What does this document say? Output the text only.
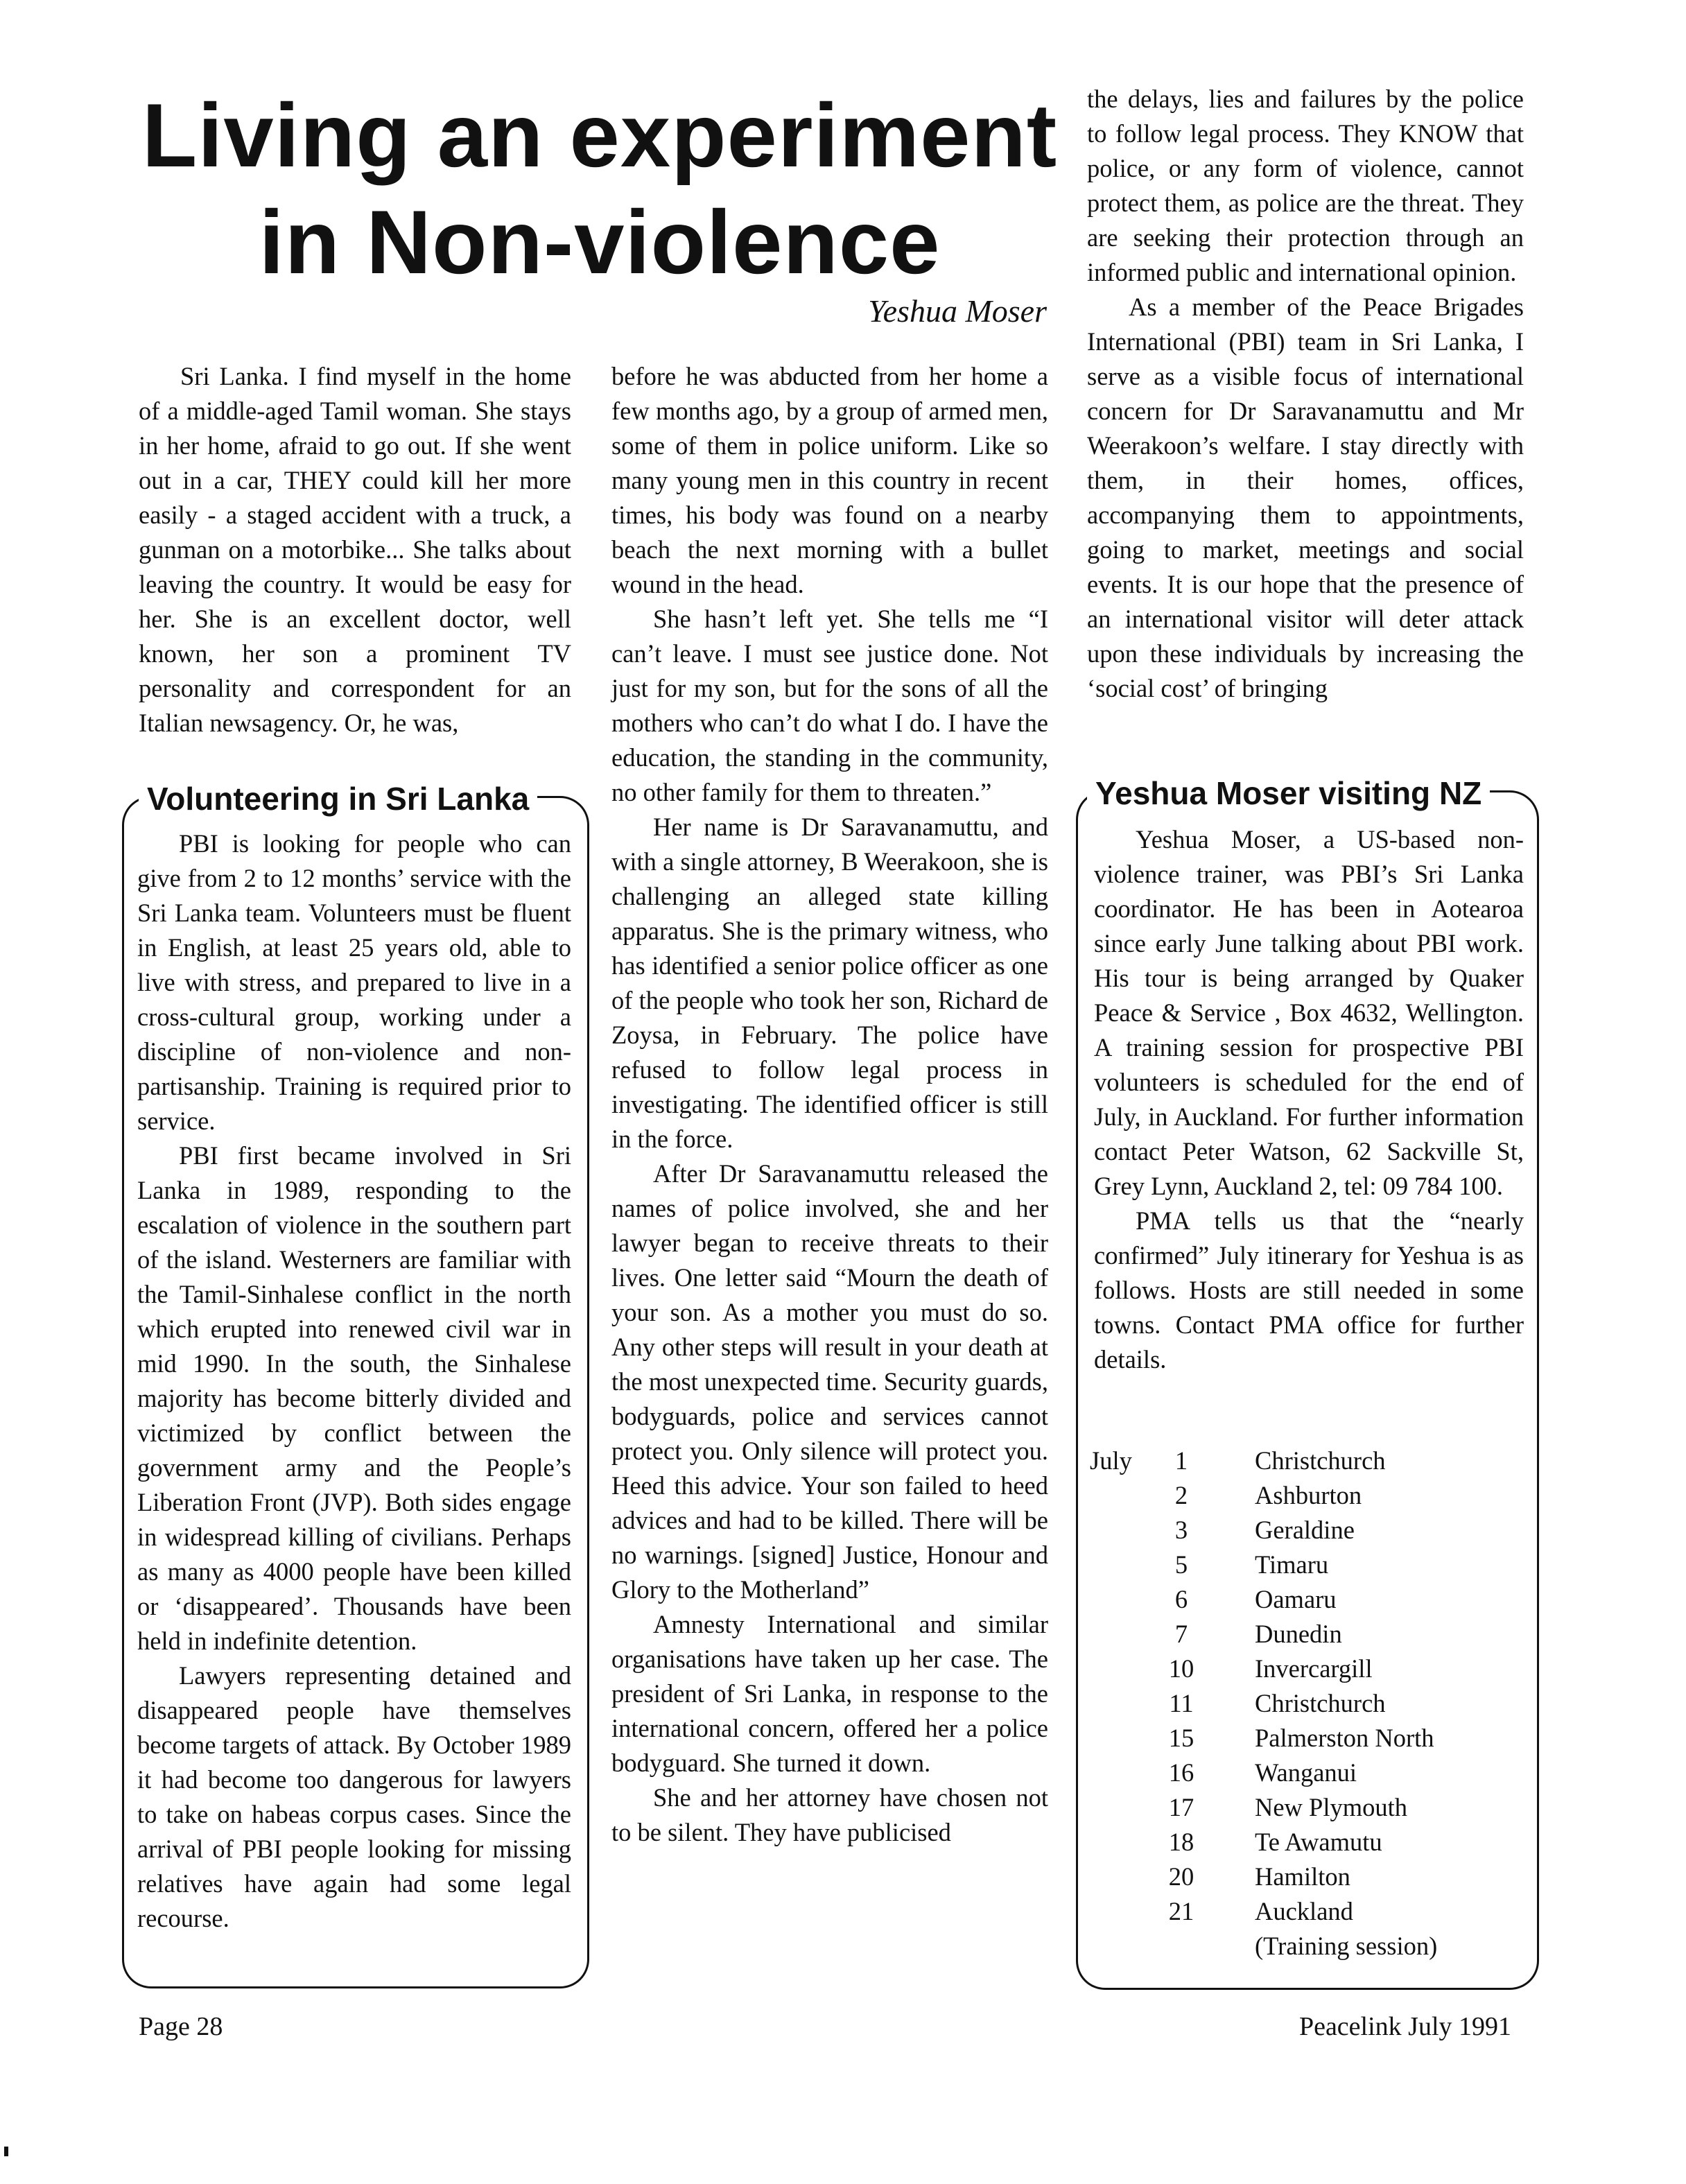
Living an experiment
in Non-violence

Yeshua Moser

Sri Lanka. I find myself in the home of a middle-aged Tamil woman. She stays in her home, afraid to go out. If she went out in a car, THEY could kill her more easily - a staged accident with a truck, a gunman on a motorbike... She talks about leaving the country. It would be easy for her. She is an excellent doctor, well known, her son a prominent TV personality and correspondent for an Italian newsagency. Or, he was,

Volunteering in Sri Lanka

PBI is looking for people who can give from 2 to 12 months’ service with the Sri Lanka team. Volunteers must be fluent in English, at least 25 years old, able to live with stress, and prepared to live in a cross-cultural group, working under a discipline of non-violence and non-partisanship. Training is required prior to service.

PBI first became involved in Sri Lanka in 1989, responding to the escalation of violence in the southern part of the island. Westerners are familiar with the Tamil-Sinhalese conflict in the north which erupted into renewed civil war in mid 1990. In the south, the Sinhalese majority has become bitterly divided and victimized by conflict between the government army and the People’s Liberation Front (JVP). Both sides engage in widespread killing of civilians. Perhaps as many as 4000 people have been killed or ‘disappeared’. Thousands have been held in indefinite detention.

Lawyers representing detained and disappeared people have themselves become targets of attack. By October 1989 it had become too dangerous for lawyers to take on habeas corpus cases. Since the arrival of PBI people looking for missing relatives have again had some legal recourse.

before he was abducted from her home a few months ago, by a group of armed men, some of them in police uniform. Like so many young men in this country in recent times, his body was found on a nearby beach the next morning with a bullet wound in the head.

She hasn’t left yet. She tells me “I can’t leave. I must see justice done. Not just for my son, but for the sons of all the mothers who can’t do what I do. I have the education, the standing in the community, no other family for them to threaten.”

Her name is Dr Saravanamuttu, and with a single attorney, B Weerakoon, she is challenging an alleged state killing apparatus. She is the primary witness, who has identified a senior police officer as one of the people who took her son, Richard de Zoysa, in February. The police have refused to follow legal process in investigating. The identified officer is still in the force.

After Dr Saravanamuttu released the names of police involved, she and her lawyer began to receive threats to their lives. One letter said “Mourn the death of your son. As a mother you must do so. Any other steps will result in your death at the most unexpected time. Security guards, bodyguards, police and services cannot protect you. Only silence will protect you. Heed this advice. Your son failed to heed advices and had to be killed. There will be no warnings. [signed] Justice, Honour and Glory to the Motherland”

Amnesty International and similar organisations have taken up her case. The president of Sri Lanka, in response to the international concern, offered her a police bodyguard. She turned it down.

She and her attorney have chosen not to be silent. They have publicised

the delays, lies and failures by the police to follow legal process. They KNOW that police, or any form of violence, cannot protect them, as police are the threat. They are seeking their protection through an informed public and international opinion.

As a member of the Peace Brigades International (PBI) team in Sri Lanka, I serve as a visible focus of international concern for Dr Saravanamuttu and Mr Weerakoon’s welfare. I stay directly with them, in their homes, offices, accompanying them to appointments, going to market, meetings and social events. It is our hope that the presence of an international visitor will deter attack upon these individuals by increasing the ‘social cost’ of bringing

Yeshua Moser visiting NZ

Yeshua Moser, a US-based non-violence trainer, was PBI’s Sri Lanka coordinator. He has been in Aotearoa since early June talking about PBI work. His tour is being arranged by Quaker Peace & Service , Box 4632, Wellington. A training session for prospective PBI volunteers is scheduled for the end of July, in Auckland. For further information contact Peter Watson, 62 Sackville St, Grey Lynn, Auckland 2, tel: 09 784 100.

PMA tells us that the “nearly confirmed” July itinerary for Yeshua is as follows. Hosts are still needed in some towns. Contact PMA office for further details.

July	1	Christchurch
2	Ashburton
3	Geraldine
5	Timaru
6	Oamaru
7	Dunedin
10	Invercargill
11	Christchurch
15	Palmerston North
16	Wanganui
17	New Plymouth
18	Te Awamutu
20	Hamilton
21	Auckland
(Training session)

Page 28	Peacelink July 1991
